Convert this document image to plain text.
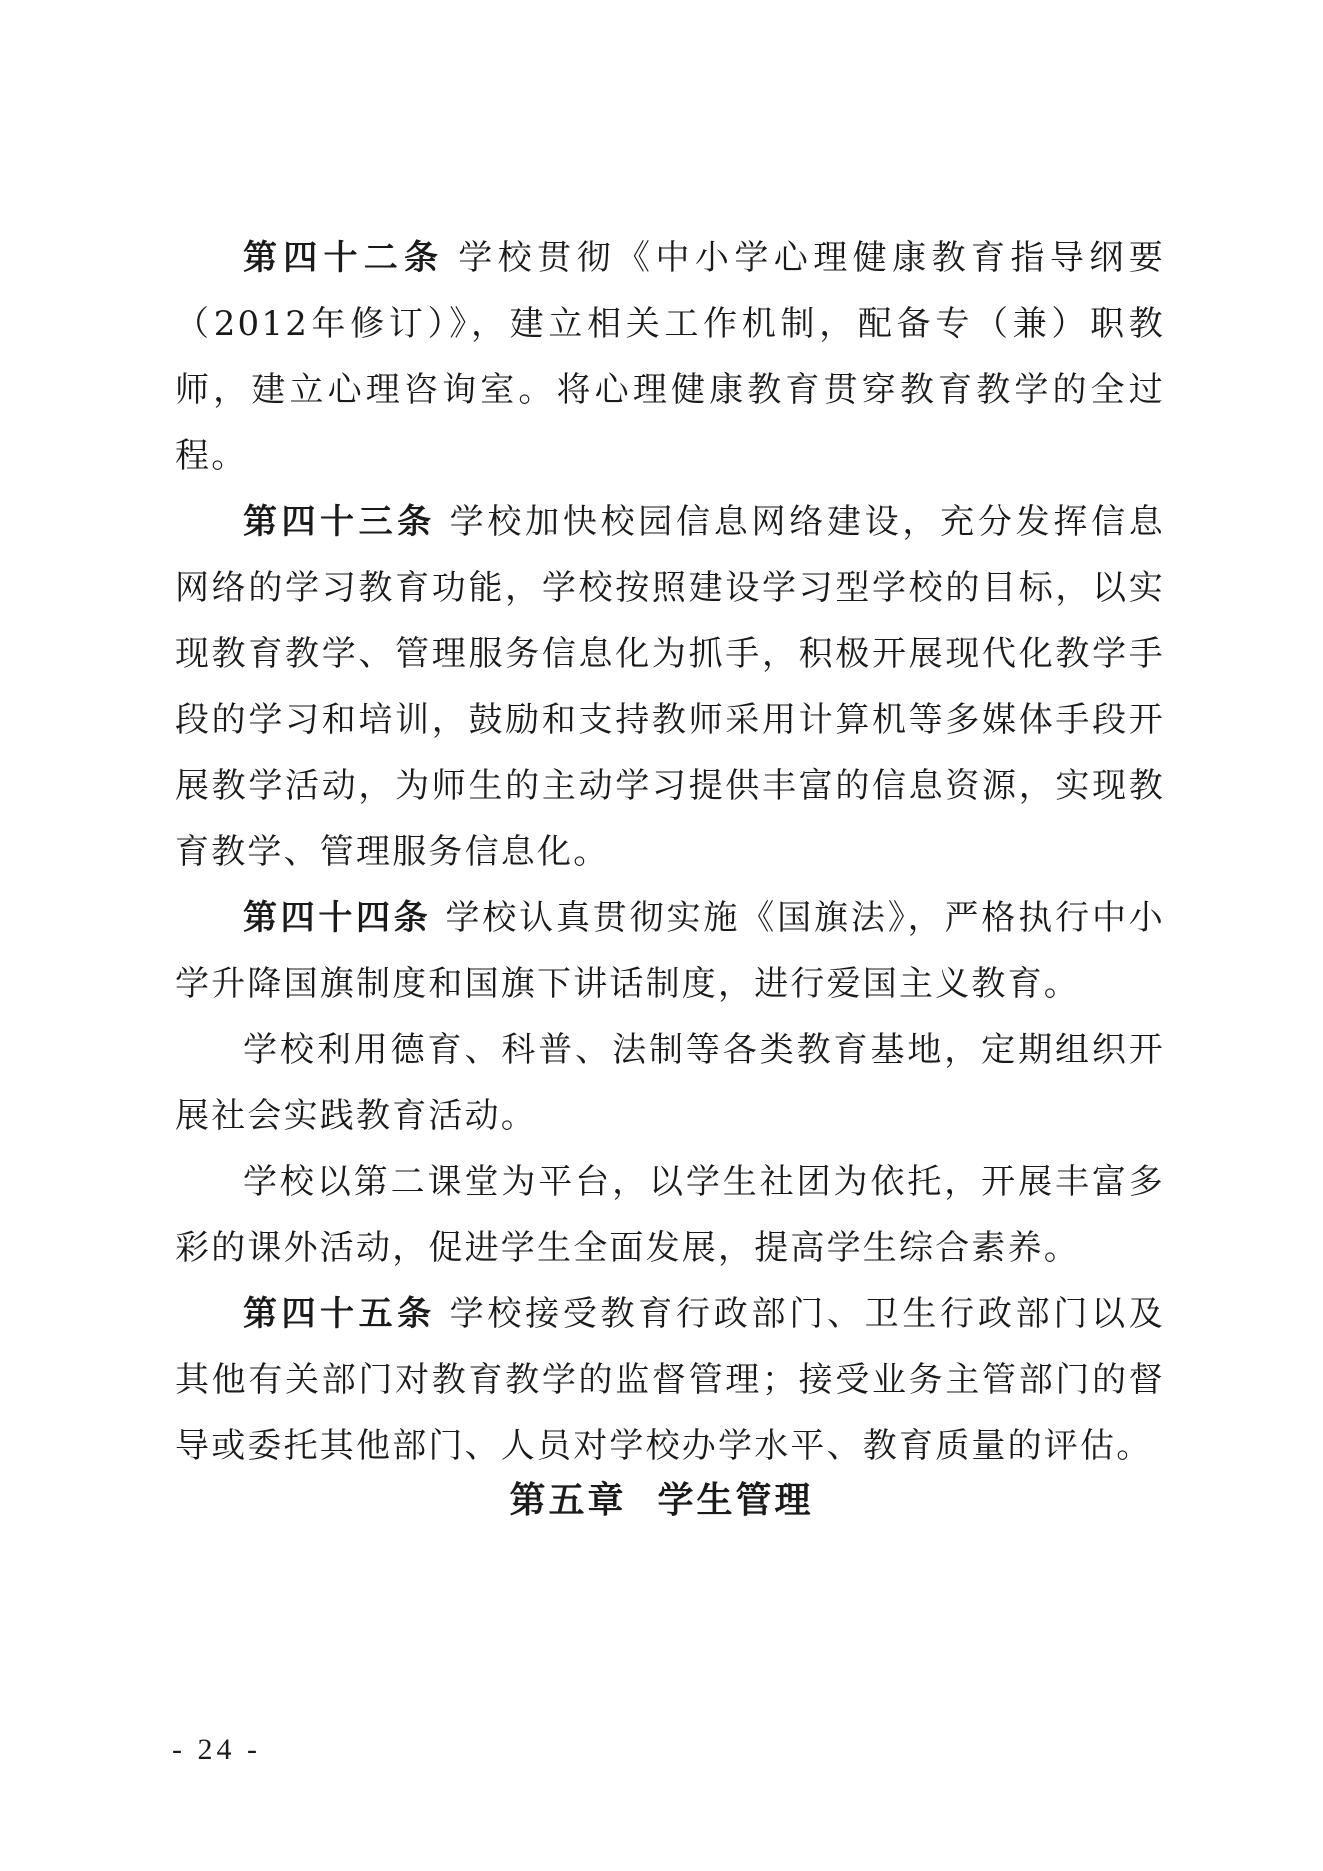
第四十二条 学校贯彻《中小学心理健康教育指导纲要（2012年修订）》，建立相关工作机制，配备专（兼）职教师，建立心理咨询室。将心理健康教育贯穿教育教学的全过程。

第四十三条 学校加快校园信息网络建设，充分发挥信息网络的学习教育功能，学校按照建设学习型学校的目标，以实现教育教学、管理服务信息化为抓手，积极开展现代化教学手段的学习和培训，鼓励和支持教师采用计算机等多媒体手段开展教学活动，为师生的主动学习提供丰富的信息资源，实现教育教学、管理服务信息化。

第四十四条 学校认真贯彻实施《国旗法》，严格执行中小学升降国旗制度和国旗下讲话制度，进行爱国主义教育。

学校利用德育、科普、法制等各类教育基地，定期组织开展社会实践教育活动。

学校以第二课堂为平台，以学生社团为依托，开展丰富多彩的课外活动，促进学生全面发展，提高学生综合素养。

第四十五条 学校接受教育行政部门、卫生行政部门以及其他有关部门对教育教学的监督管理；接受业务主管部门的督导或委托其他部门、人员对学校办学水平、教育质量的评估。

第五章  学生管理
- 24 -
